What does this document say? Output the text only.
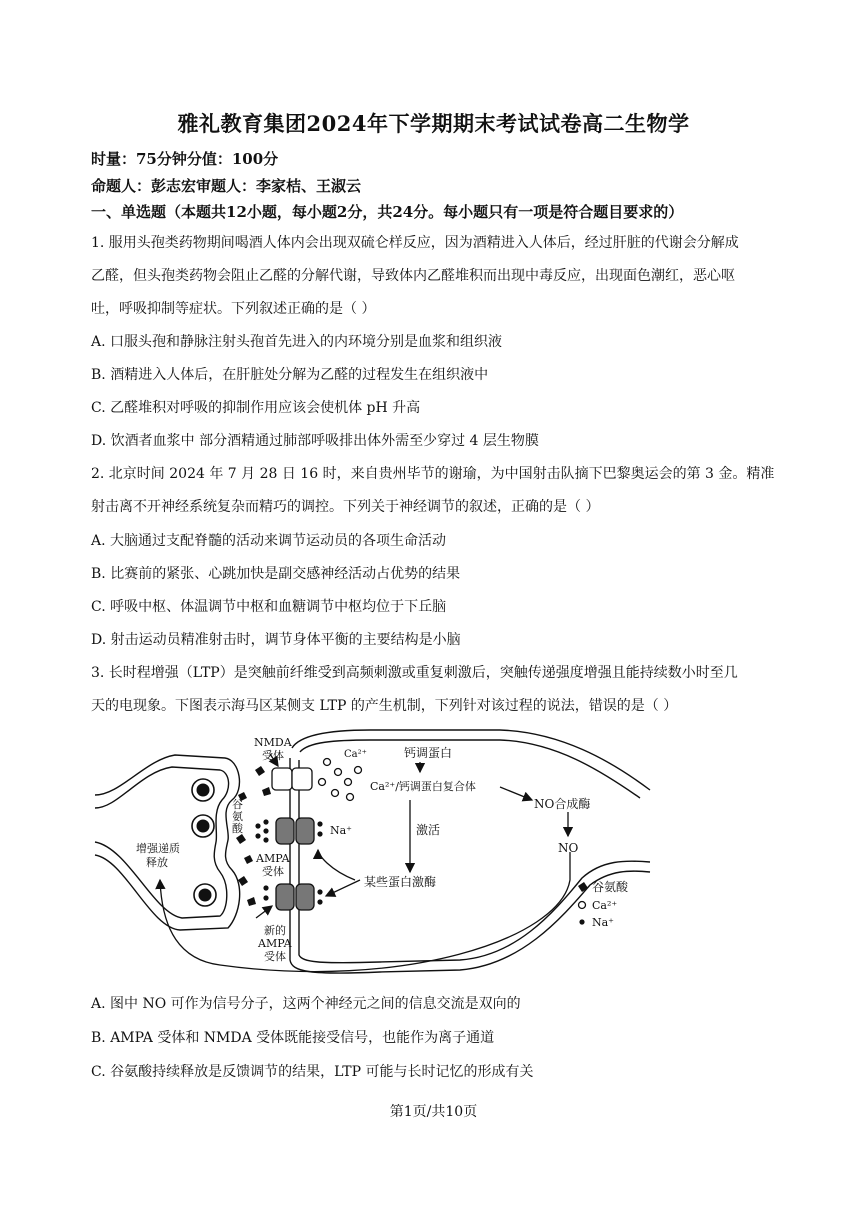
雅礼教育集团2024年下学期期末考试试卷高二生物学
时量：75分钟分值：100分
命题人：彭志宏审题人：李家桔、王淑云
一、单选题（本题共12小题，每小题2分，共24分。每小题只有一项是符合题目要求的）
1. 服用头孢类药物期间喝酒人体内会出现双硫仑样反应，因为酒精进入人体后，经过肝脏的代谢会分解成
乙醛，但头孢类药物会阻止乙醛的分解代谢，导致体内乙醛堆积而出现中毒反应，出现面色潮红，恶心呕
吐，呼吸抑制等症状。下列叙述正确的是（ ）
A. 口服头孢和静脉注射头孢首先进入的内环境分别是血浆和组织液
B. 酒精进入人体后，在肝脏处分解为乙醛的过程发生在组织液中
C. 乙醛堆积对呼吸的抑制作用应该会使机体 pH 升高
D. 饮酒者血浆中 部分酒精通过肺部呼吸排出体外需至少穿过 4 层生物膜
2. 北京时间 2024 年 7 月 28 日 16 时，来自贵州毕节的谢瑜，为中国射击队摘下巴黎奥运会的第 3 金。精准
射击离不开神经系统复杂而精巧的调控。下列关于神经调节的叙述，正确的是（ ）
A. 大脑通过支配脊髓的活动来调节运动员的各项生命活动
B. 比赛前的紧张、心跳加快是副交感神经活动占优势的结果
C. 呼吸中枢、体温调节中枢和血糖调节中枢均位于下丘脑
D. 射击运动员精准射击时，调节身体平衡的主要结构是小脑
3. 长时程增强（LTP）是突触前纤维受到高频刺激或重复刺激后，突触传递强度增强且能持续数小时至几
天的电现象。下图表示海马区某侧支 LTP 的产生机制，下列针对该过程的说法，错误的是（ ）
NMDA
受体	Ca²⁺	钙调蛋白
Ca²⁺/钙调蛋白复合体
NO合成酶
NO
谷
氨
酸	Na⁺	激活
增强递质
释放	AMPA
受体
某些蛋白激酶
新的
AMPA
受体
谷氨酸
Ca²⁺
Na⁺
A. 图中 NO 可作为信号分子，这两个神经元之间的信息交流是双向的
B. AMPA 受体和 NMDA 受体既能接受信号，也能作为离子通道
C. 谷氨酸持续释放是反馈调节的结果，LTP 可能与长时记忆的形成有关
第1页/共10页
